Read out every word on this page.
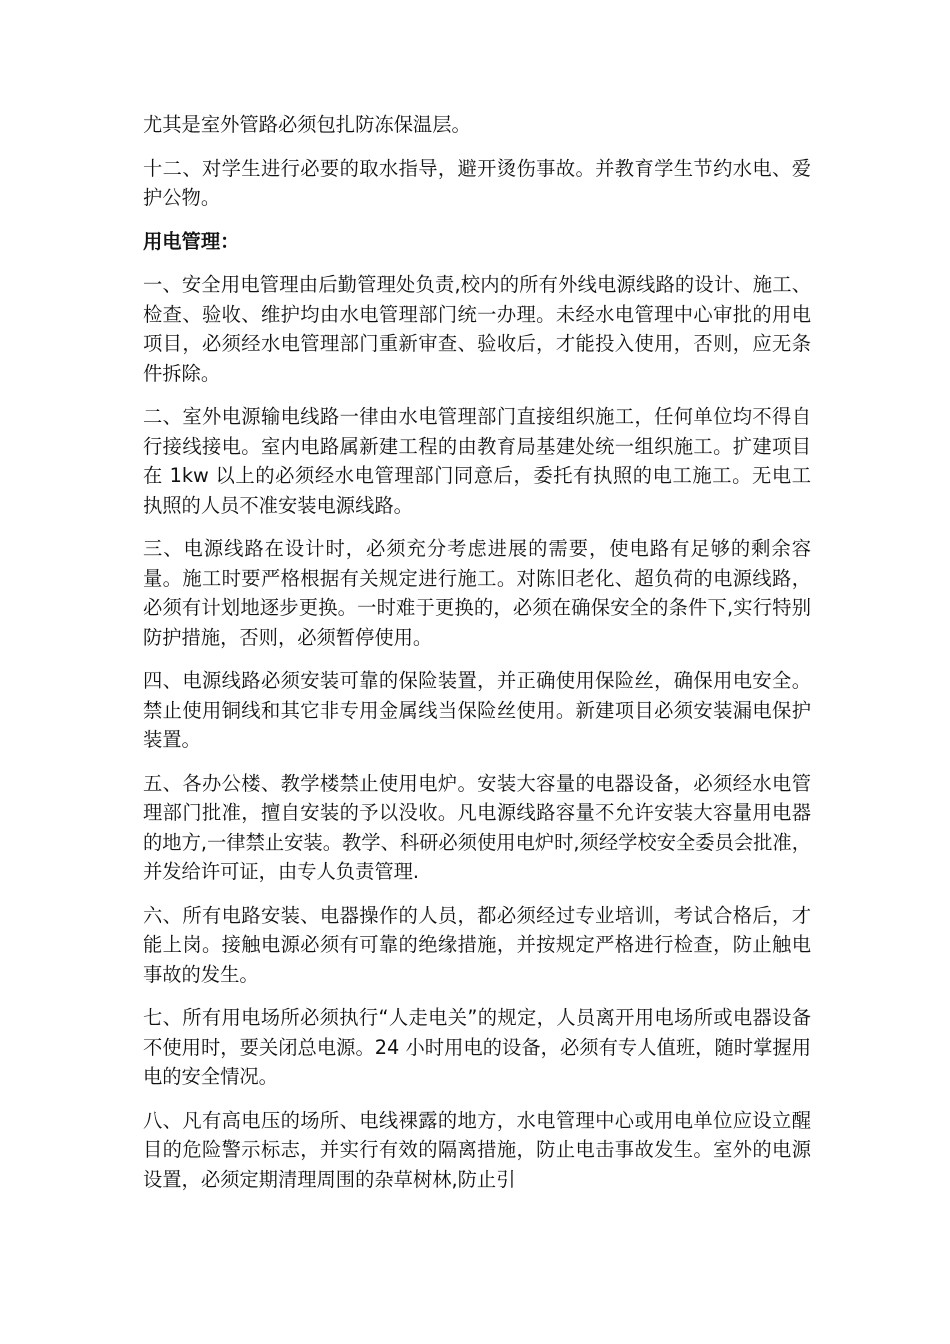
尤其是室外管路必须包扎防冻保温层。

十二、对学生进行必要的取水指导，避开烫伤事故。并教育学生节约水电、爱护公物。

用电管理：

一、安全用电管理由后勤管理处负责,校内的所有外线电源线路的设计、施工、检查、验收、维护均由水电管理部门统一办理。未经水电管理中心审批的用电项目，必须经水电管理部门重新审查、验收后，才能投入使用，否则，应无条件拆除。

二、室外电源输电线路一律由水电管理部门直接组织施工，任何单位均不得自行接线接电。室内电路属新建工程的由教育局基建处统一组织施工。扩建项目在 1kw 以上的必须经水电管理部门同意后，委托有执照的电工施工。无电工执照的人员不准安装电源线路。

三、电源线路在设计时，必须充分考虑进展的需要，使电路有足够的剩余容量。施工时要严格根据有关规定进行施工。对陈旧老化、超负荷的电源线路，必须有计划地逐步更换。一时难于更换的，必须在确保安全的条件下,实行特别防护措施，否则，必须暂停使用。

四、电源线路必须安装可靠的保险装置，并正确使用保险丝，确保用电安全。禁止使用铜线和其它非专用金属线当保险丝使用。新建项目必须安装漏电保护装置。

五、各办公楼、教学楼禁止使用电炉。安装大容量的电器设备，必须经水电管理部门批准，擅自安装的予以没收。凡电源线路容量不允许安装大容量用电器的地方,一律禁止安装。教学、科研必须使用电炉时,须经学校安全委员会批准，并发给许可证，由专人负责管理.

六、所有电路安装、电器操作的人员，都必须经过专业培训，考试合格后，才能上岗。接触电源必须有可靠的绝缘措施，并按规定严格进行检查，防止触电事故的发生。

七、所有用电场所必须执行“人走电关”的规定，人员离开用电场所或电器设备不使用时，要关闭总电源。24 小时用电的设备，必须有专人值班，随时掌握用电的安全情况。

八、凡有高电压的场所、电线裸露的地方，水电管理中心或用电单位应设立醒目的危险警示标志，并实行有效的隔离措施，防止电击事故发生。室外的电源设置，必须定期清理周围的杂草树林,防止引
